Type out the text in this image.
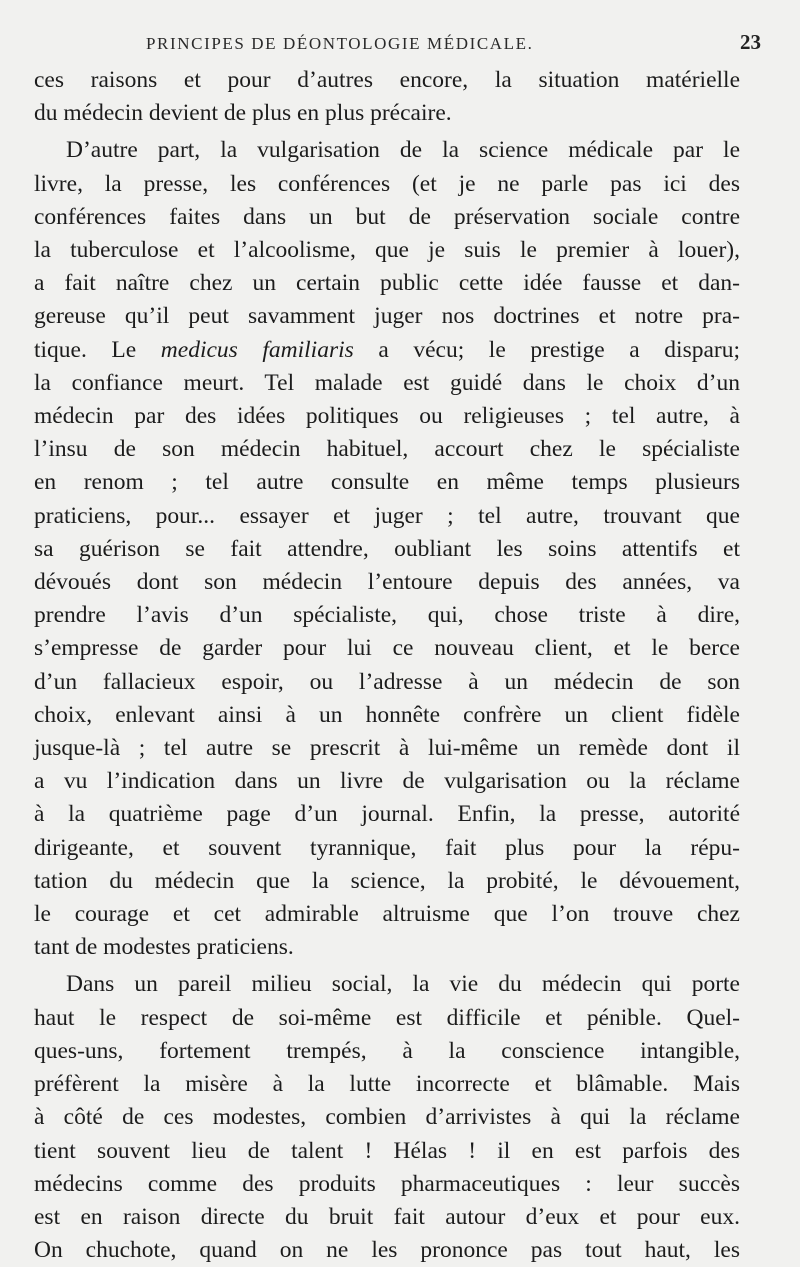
PRINCIPES DE DÉONTOLOGIE MÉDICALE.	23
ces raisons et pour d’autres encore, la situation matérielle
du médecin devient de plus en plus précaire.
D’autre part, la vulgarisation de la science médicale par le
livre, la presse, les conférences (et je ne parle pas ici des
conférences faites dans un but de préservation sociale contre
la tuberculose et l’alcoolisme, que je suis le premier à louer),
a fait naître chez un certain public cette idée fausse et dan-
gereuse qu’il peut savamment juger nos doctrines et notre pra-
tique. Le medicus familiaris a vécu; le prestige a disparu;
la confiance meurt. Tel malade est guidé dans le choix d’un
médecin par des idées politiques ou religieuses ; tel autre, à
l’insu de son médecin habituel, accourt chez le spécialiste
en renom ; tel autre consulte en même temps plusieurs
praticiens, pour... essayer et juger ; tel autre, trouvant que
sa guérison se fait attendre, oubliant les soins attentifs et
dévoués dont son médecin l’entoure depuis des années, va
prendre l’avis d’un spécialiste, qui, chose triste à dire,
s’empresse de garder pour lui ce nouveau client, et le berce
d’un fallacieux espoir, ou l’adresse à un médecin de son
choix, enlevant ainsi à un honnête confrère un client fidèle
jusque-là ; tel autre se prescrit à lui-même un remède dont il
a vu l’indication dans un livre de vulgarisation ou la réclame
à la quatrième page d’un journal. Enfin, la presse, autorité
dirigeante, et souvent tyrannique, fait plus pour la répu-
tation du médecin que la science, la probité, le dévouement,
le courage et cet admirable altruisme que l’on trouve chez
tant de modestes praticiens.
Dans un pareil milieu social, la vie du médecin qui porte
haut le respect de soi-même est difficile et pénible. Quel-
ques-uns, fortement trempés, à la conscience intangible,
préfèrent la misère à la lutte incorrecte et blâmable. Mais
à côté de ces modestes, combien d’arrivistes à qui la réclame
tient souvent lieu de talent ! Hélas ! il en est parfois des
médecins comme des produits pharmaceutiques : leur succès
est en raison directe du bruit fait autour d’eux et pour eux.
On chuchote, quand on ne les prononce pas tout haut, les
